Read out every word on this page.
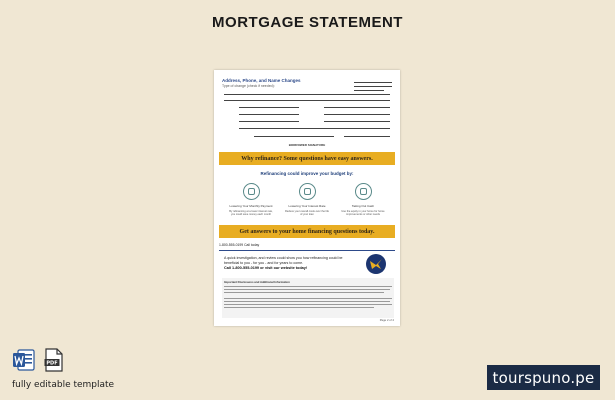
MORTGAGE STATEMENT
Address, Phone, and Name Changes
Type of change (check if needed):
BORROWER SIGNATURE
Why refinance? Some questions have easy answers.
Refinancing could improve your budget by:
Lowering Your Monthly Payment
By refinancing at a lower interest rate, you could save money each month
Lowering Your Interest Rate
Reduce your overall costs over the life of your loan
Taking Out Cash
Use the equity in your home for home improvements or other needs
Get answers to your home financing questions today.
1-800-555-0199 Call today
A quick investigation, and review could show you how refinancing could be beneficial to you - for you - and for years to come.
Call 1-800-555-0199 or visit our website today!
Important Disclosures and Additional Information
Page 2 of 2
PDF
fully editable template	tourspuno.pe
